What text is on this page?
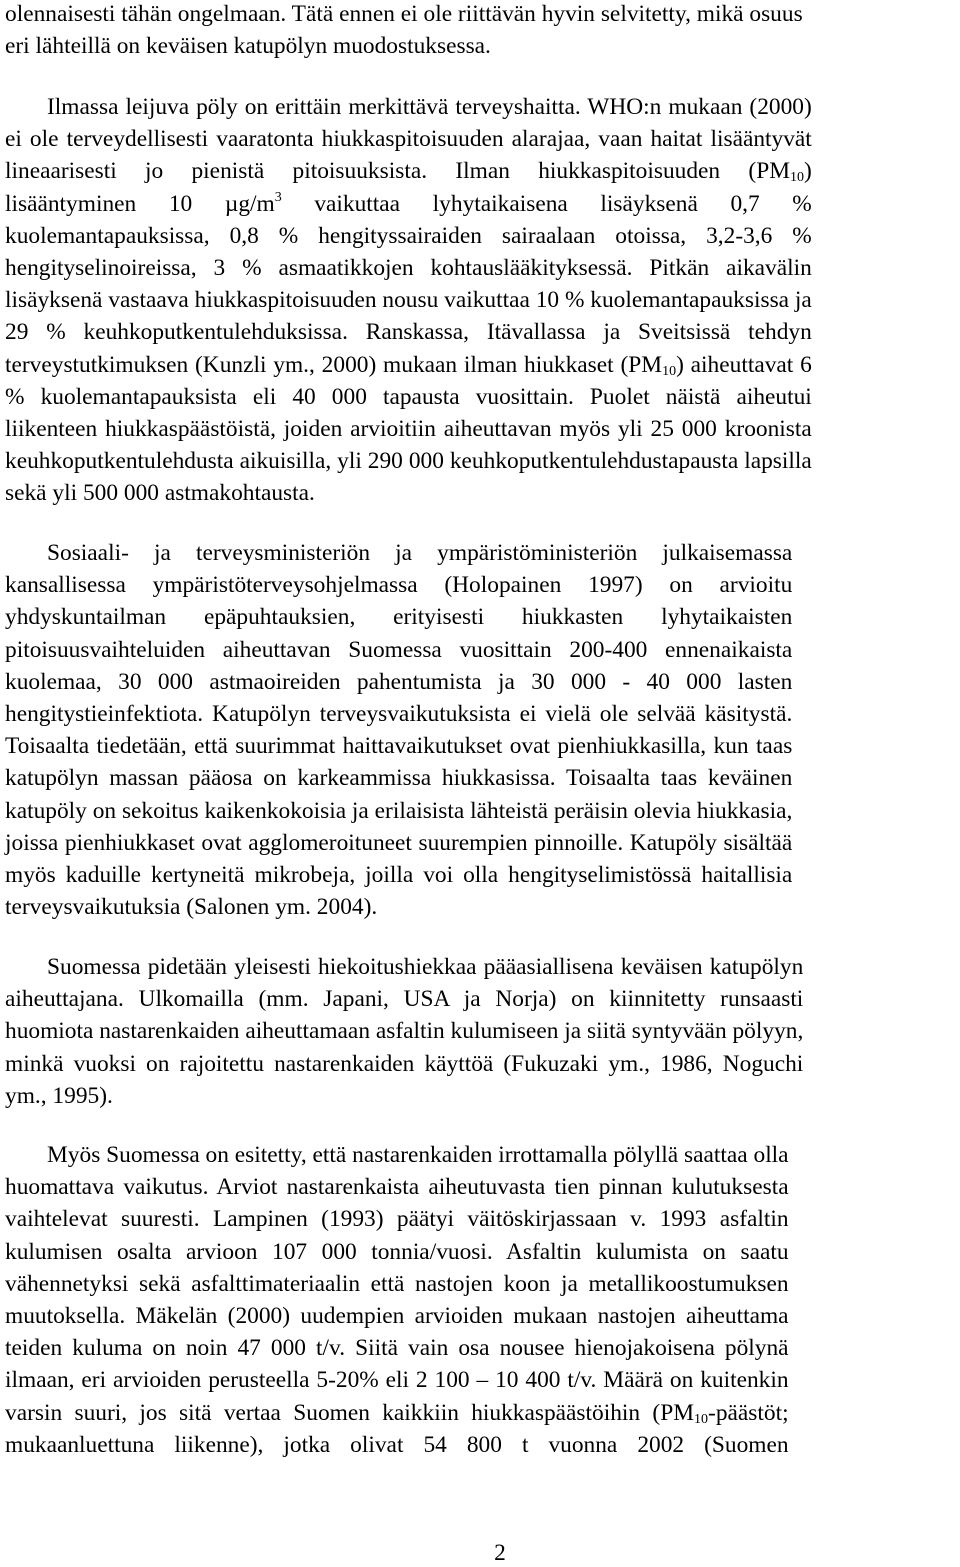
olennaisesti tähän ongelmaan. Tätä ennen ei ole riittävän hyvin selvitetty, mikä osuus
eri lähteillä on keväisen katupölyn muodostuksessa.
Ilmassa leijuva pöly on erittäin merkittävä terveyshaitta. WHO:n mukaan (2000)
ei ole terveydellisesti vaaratonta hiukkaspitoisuuden alarajaa, vaan haitat lisääntyvät
lineaarisesti jo pienistä pitoisuuksista. Ilman hiukkaspitoisuuden $(PM_{10})$
lisääntyminen 10 $\mu g/m^3$ vaikuttaa lyhytaikaisena lisäyksenä 0,7 %
kuolemantapauksissa, 0,8 % hengityssairaiden sairaalaan otoissa, 3,2-3,6 %
hengityselinoireissa, 3 % asmaatikkojen kohtauslääkityksessä. Pitkän aikavälin
lisäyksenä vastaava hiukkaspitoisuuden nousu vaikuttaa 10 % kuolemantapauksissa ja
29 % keuhkoputkentulehduksissa. Ranskassa, Itävallassa ja Sveitsissä tehdyn
terveystutkimuksen (Kunzli ym., 2000) mukaan ilman hiukkaset $(PM_{10})$ aiheuttavat 6
% kuolemantapauksista eli 40 000 tapausta vuosittain. Puolet näistä aiheutui
liikenteen hiukkaspäästöistä, joiden arvioitiin aiheuttavan myös yli 25 000 kroonista
keuhkoputkentulehdusta aikuisilla, yli 290 000 keuhkoputkentulehdustapausta lapsilla
sekä yli 500 000 astmakohtausta.
Sosiaali- ja terveysministeriön ja ympäristöministeriön julkaisemassa
kansallisessa ympäristöterveysohjelmassa (Holopainen 1997) on arvioitu
yhdyskuntailman epäpuhtauksien, erityisesti hiukkasten lyhytaikaisten
pitoisuusvaihteluiden aiheuttavan Suomessa vuosittain 200-400 ennenaikaista
kuolemaa, 30 000 astmaoireiden pahentumista ja 30 000 - 40 000 lasten
hengitystieinfektiota. Katupölyn terveysvaikutuksista ei vielä ole selvää käsitystä.
Toisaalta tiedetään, että suurimmat haittavaikutukset ovat pienhiukkasilla, kun taas
katupölyn massan pääosa on karkeammissa hiukkasissa. Toisaalta taas keväinen
katupöly on sekoitus kaikenkokoisia ja erilaisista lähteistä peräisin olevia hiukkasia,
joissa pienhiukkaset ovat agglomeroituneet suurempien pinnoille. Katupöly sisältää
myös kaduille kertyneitä mikrobeja, joilla voi olla hengityselimistössä haitallisia
terveysvaikutuksia (Salonen ym. 2004).
Suomessa pidetään yleisesti hiekoitushiekkaa pääasiallisena keväisen katupölyn
aiheuttajana. Ulkomailla (mm. Japani, USA ja Norja) on kiinnitetty runsaasti
huomiota nastarenkaiden aiheuttamaan asfaltin kulumiseen ja siitä syntyvään pölyyn,
minkä vuoksi on rajoitettu nastarenkaiden käyttöä (Fukuzaki ym., 1986, Noguchi
ym., 1995).
Myös Suomessa on esitetty, että nastarenkaiden irrottamalla pölyllä saattaa olla
huomattava vaikutus. Arviot nastarenkaista aiheutuvasta tien pinnan kulutuksesta
vaihtelevat suuresti. Lampinen (1993) päätyi väitöskirjassaan v. 1993 asfaltin
kulumisen osalta arvioon 107 000 tonnia/vuosi. Asfaltin kulumista on saatu
vähennetyksi sekä asfalttimateriaalin että nastojen koon ja metallikoostumuksen
muutoksella. Mäkelän (2000) uudempien arvioiden mukaan nastojen aiheuttama
teiden kuluma on noin 47 000 t/v. Siitä vain osa nousee hienojakoisena pölynä
ilmaan, eri arvioiden perusteella 5-20% eli 2 100 – 10 400 t/v. Määrä on kuitenkin
varsin suuri, jos sitä vertaa Suomen kaikkiin hiukkaspäästöihin ($PM_{10}$-päästöt;
mukaanluettuna liikenne), jotka olivat 54 800 t vuonna 2002 (Suomen
2
